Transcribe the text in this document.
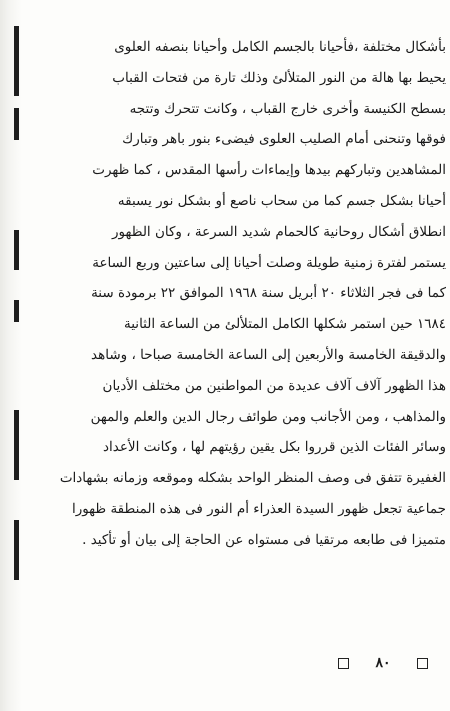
بأشكال مختلفة ،فأحيانا بالجسم الكامل وأحيانا بنصفه العلوى
يحيط بها هالة من النور المتلألئ وذلك تارة من فتحات القباب
بسطح الكنيسة وأخرى خارج القباب ، وكانت تتحرك وتتجه
فوقها وتنحنى أمام الصليب العلوى فيضىء بنور باهر وتبارك
المشاهدين وتباركهم بيدها وإيماءات رأسها المقدس ، كما ظهرت
أحيانا بشكل جسم كما من سحاب ناصع أو بشكل نور يسبقه
انطلاق أشكال روحانية كالحمام شديد السرعة ، وكان الظهور
يستمر لفترة زمنية طويلة وصلت أحيانا إلى ساعتين وربع الساعة
كما فى فجر الثلاثاء ٢٠ أبريل سنة ١٩٦٨ الموافق ٢٢ برمودة سنة
١٦٨٤ حين استمر شكلها الكامل المتلألئ من الساعة الثانية
والدقيقة الخامسة والأربعين إلى الساعة الخامسة صباحا ، وشاهد
هذا الظهور آلاف آلاف عديدة من المواطنين من مختلف الأديان
والمذاهب ، ومن الأجانب ومن طوائف رجال الدين والعلم والمهن
وسائر الفئات الذين قرروا بكل يقين رؤيتهم لها ، وكانت الأعداد
الغفيرة تتفق فى وصف المنظر الواحد بشكله وموقعه وزمانه بشهادات
جماعية تجعل ظهور السيدة العذراء أم النور فى هذه المنطقة ظهورا
متميزا فى طابعه مرتقيا فى مستواه عن الحاجة إلى بيان أو تأكيد .
٨٠
